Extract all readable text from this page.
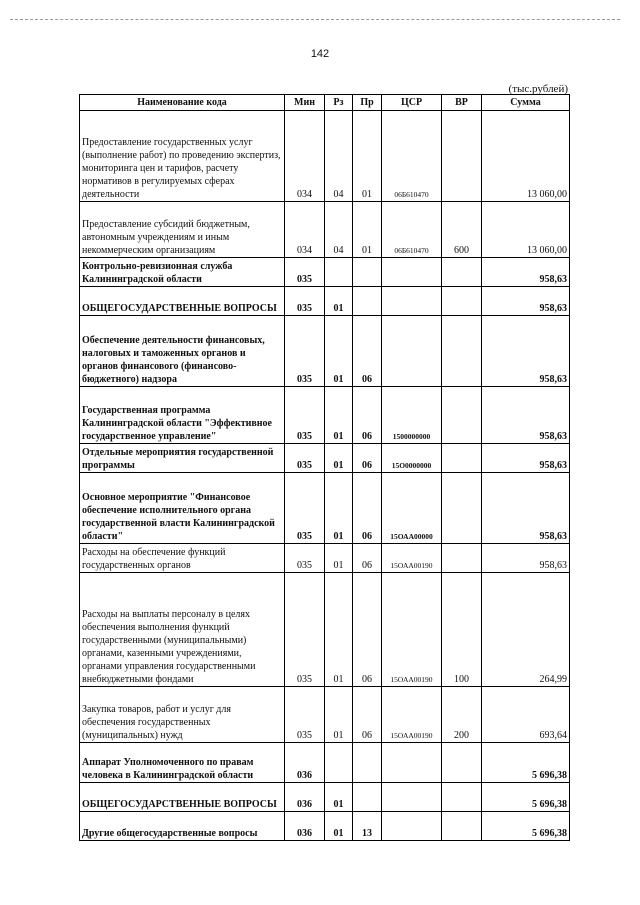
142
(тыс.рублей)
Наименование кода	Мин	Рз	Пр	ЦСР	ВР	Сумма
Предоставление государственных услуг (выполнение работ) по проведению экспертиз, мониторинга цен и тарифов, расчету нормативов в регулируемых сферах деятельности	034	04	01	06Б610470		13 060,00
Предоставление субсидий бюджетным, автономным учреждениям и иным некоммерческим организациям	034	04	01	06Б610470	600	13 060,00
Контрольно-ревизионная служба Калининградской области	035					958,63
ОБЩЕГОСУДАРСТВЕННЫЕ ВОПРОСЫ	035	01				958,63
Обеспечение деятельности финансовых, налоговых и таможенных органов и органов финансового (финансово-бюджетного) надзора	035	01	06			958,63
Государственная программа Калининградской области "Эффективное государственное управление"	035	01	06	1500000000		958,63
Отдельные мероприятия государственной программы	035	01	06	15О0000000		958,63
Основное мероприятие "Финансовое обеспечение исполнительного органа государственной власти Калининградской области"	035	01	06	15ОАА00000		958,63
Расходы на обеспечение функций государственных органов	035	01	06	15ОАА00190		958,63
Расходы на выплаты персоналу в целях обеспечения выполнения функций государственными (муниципальными) органами, казенными учреждениями, органами управления государственными внебюджетными фондами	035	01	06	15ОАА00190	100	264,99
Закупка товаров, работ и услуг для обеспечения государственных (муниципальных) нужд	035	01	06	15ОАА00190	200	693,64
Аппарат Уполномоченного по правам человека в Калининградской области	036					5 696,38
ОБЩЕГОСУДАРСТВЕННЫЕ ВОПРОСЫ	036	01				5 696,38
Другие общегосударственные вопросы	036	01	13			5 696,38
